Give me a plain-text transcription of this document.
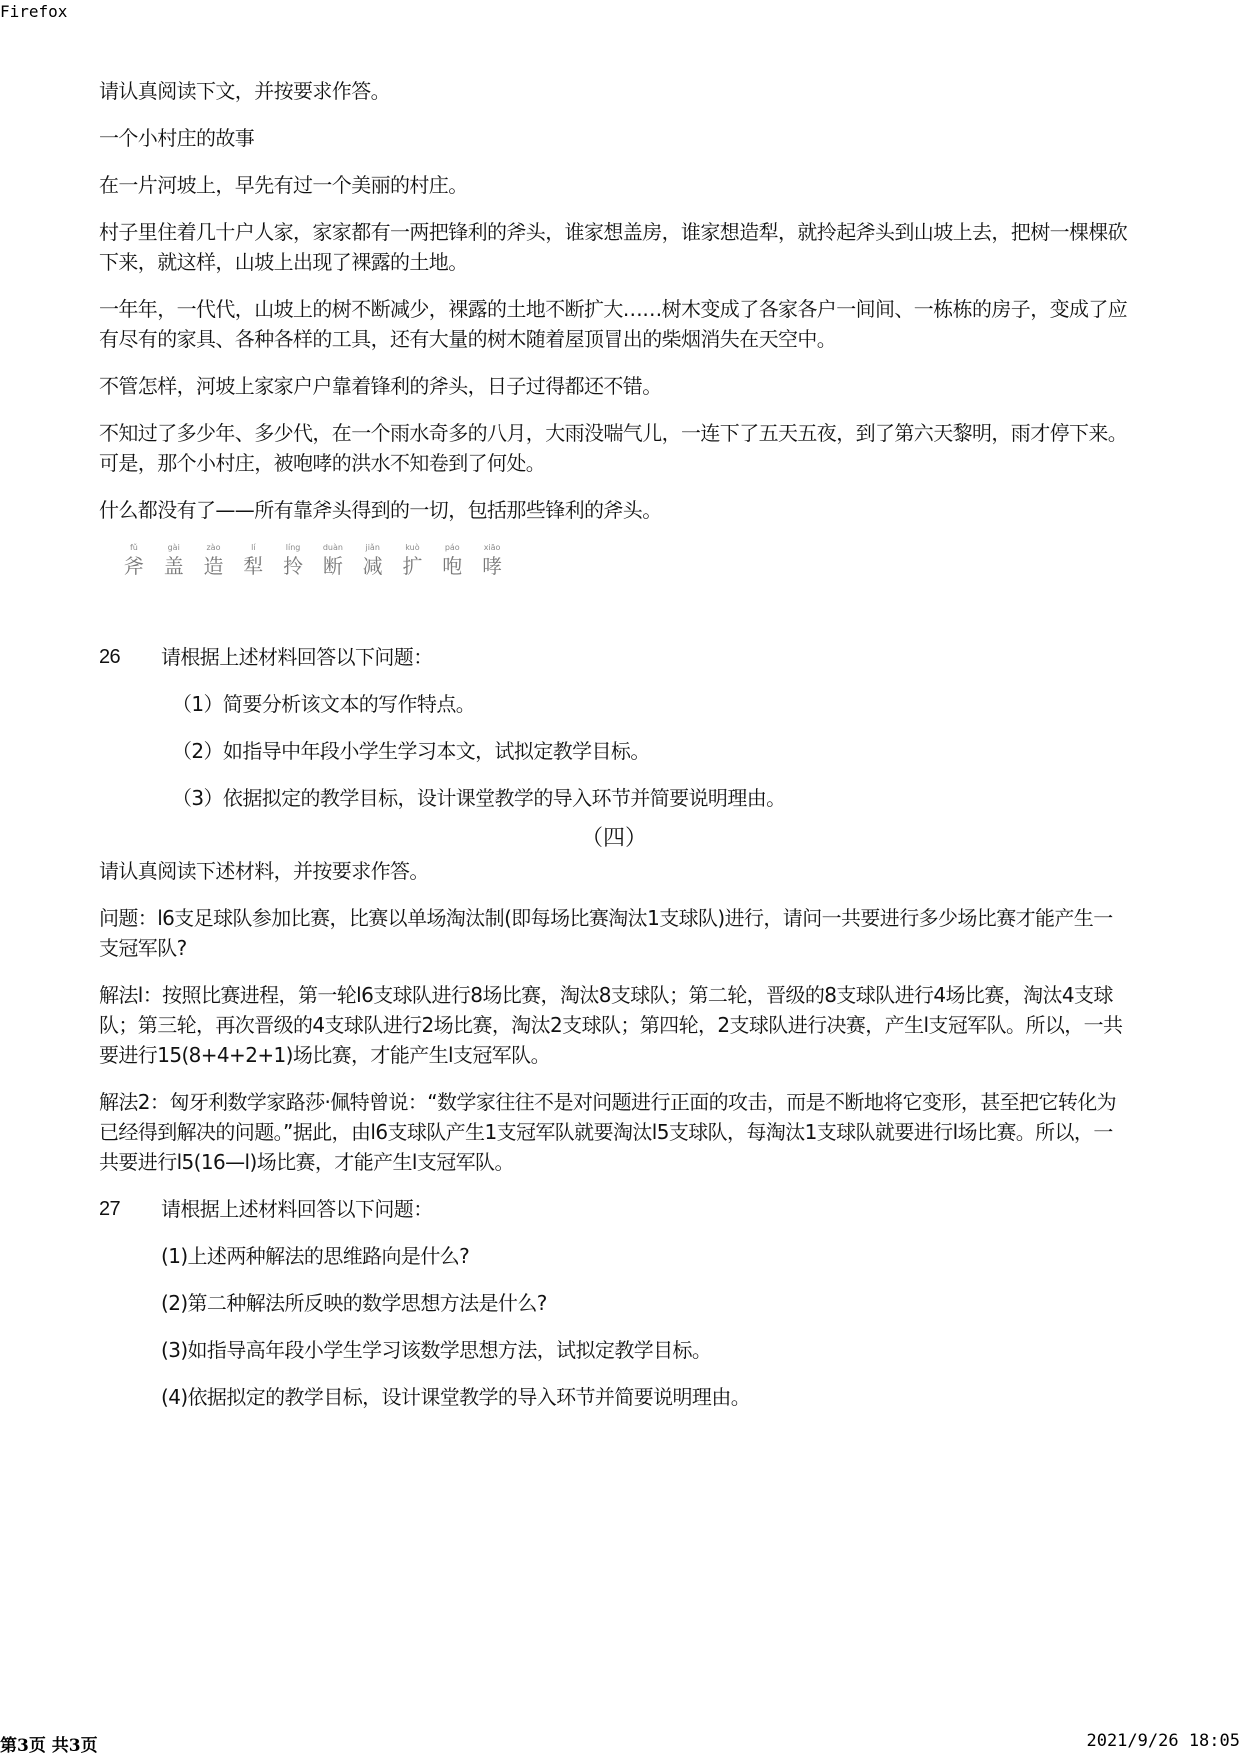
Firefox

请认真阅读下文，并按要求作答。

一个小村庄的故事

在一片河坡上，早先有过一个美丽的村庄。

村子里住着几十户人家，家家都有一两把锋利的斧头，谁家想盖房，谁家想造犁，就拎起斧头到山坡上去，把树一棵棵砍下来，就这样，山坡上出现了裸露的土地。

一年年，一代代，山坡上的树不断减少，裸露的土地不断扩大……树木变成了各家各户一间间、一栋栋的房子，变成了应有尽有的家具、各种各样的工具，还有大量的树木随着屋顶冒出的柴烟消失在天空中。

不管怎样，河坡上家家户户靠着锋利的斧头，日子过得都还不错。

不知过了多少年、多少代，在一个雨水奇多的八月，大雨没喘气儿，一连下了五天五夜，到了第六天黎明，雨才停下来。可是，那个小村庄，被咆哮的洪水不知卷到了何处。

什么都没有了——所有靠斧头得到的一切，包括那些锋利的斧头。

fǔ
斧
gài
盖
zào
造
lí
犁
líng
拎
duàn
断
jiǎn
减
kuò
扩
páo
咆
xiāo
哮
26	请根据上述材料回答以下问题：

（1）简要分析该文本的写作特点。

（2）如指导中年段小学生学习本文，试拟定教学目标。

（3）依据拟定的教学目标，设计课堂教学的导入环节并简要说明理由。

（四）

请认真阅读下述材料，并按要求作答。

问题：l6支足球队参加比赛，比赛以单场淘汰制(即每场比赛淘汰1支球队)进行，请问一共要进行多少场比赛才能产生一支冠军队?

解法l：按照比赛进程，第一轮l6支球队进行8场比赛，淘汰8支球队；第二轮，晋级的8支球队进行4场比赛，淘汰4支球队；第三轮，再次晋级的4支球队进行2场比赛，淘汰2支球队；第四轮，2支球队进行决赛，产生l支冠军队。所以，一共要进行15(8+4+2+1)场比赛，才能产生l支冠军队。

解法2：匈牙利数学家路莎·佩特曾说：“数学家往往不是对问题进行正面的攻击，而是不断地将它变形，甚至把它转化为已经得到解决的问题。”据此，由l6支球队产生1支冠军队就要淘汰l5支球队，每淘汰1支球队就要进行l场比赛。所以，一共要进行l5(16—l)场比赛，才能产生l支冠军队。

27	请根据上述材料回答以下问题：

(1)上述两种解法的思维路向是什么?

(2)第二种解法所反映的数学思想方法是什么?

(3)如指导高年段小学生学习该数学思想方法，试拟定教学目标。

(4)依据拟定的教学目标，设计课堂教学的导入环节并简要说明理由。

第3页 共3页	2021/9/26 18:05
